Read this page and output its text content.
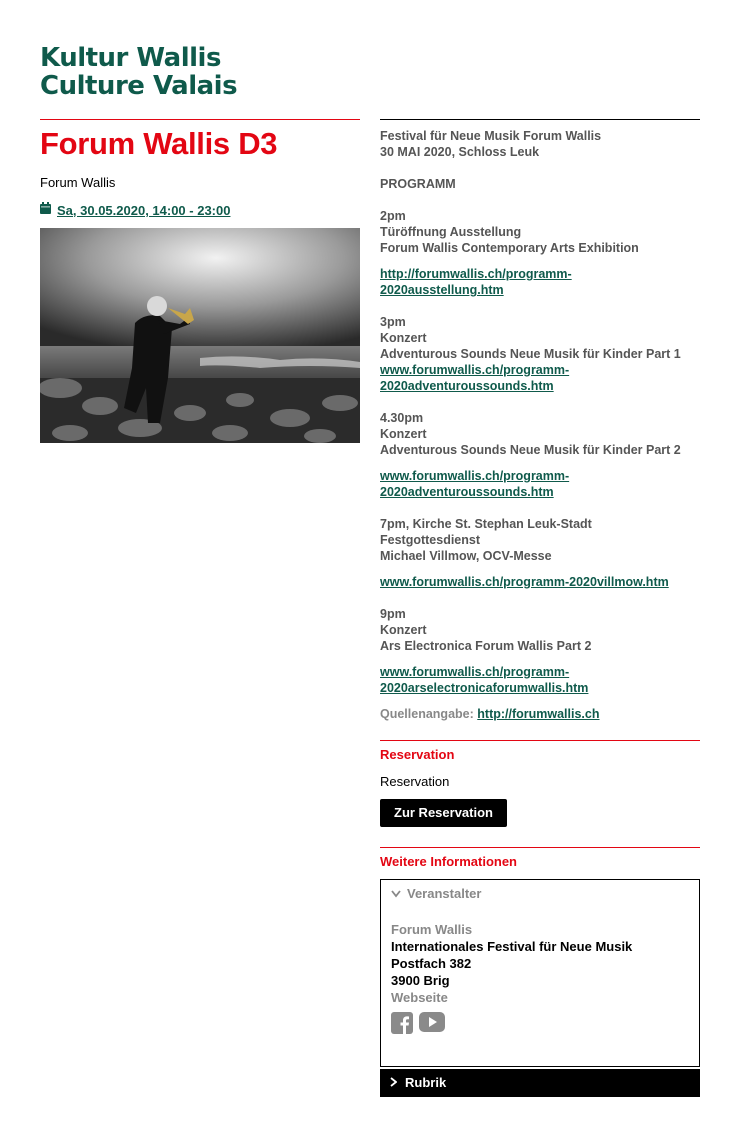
Kultur Wallis
Culture Valais
Forum Wallis D3
Forum Wallis
Sa, 30.05.2020, 14:00 - 23:00
Festival für Neue Musik Forum Wallis
30 MAI 2020, Schloss Leuk
PROGRAMM
2pm
Türöffnung Ausstellung
Forum Wallis Contemporary Arts Exhibition
http://forumwallis.ch/programm-
2020ausstellung.htm
3pm
Konzert
Adventurous Sounds Neue Musik für Kinder Part 1
www.forumwallis.ch/programm-
2020adventuroussounds.htm
4.30pm
Konzert
Adventurous Sounds Neue Musik für Kinder Part 2
www.forumwallis.ch/programm-
2020adventuroussounds.htm
7pm, Kirche St. Stephan Leuk-Stadt
Festgottesdienst
Michael Villmow, OCV-Messe
www.forumwallis.ch/programm-2020villmow.htm
9pm
Konzert
Ars Electronica Forum Wallis Part 2
www.forumwallis.ch/programm-
2020arselectronicaforumwallis.htm
Quellenangabe: http://forumwallis.ch
Reservation
Reservation
Zur Reservation
Weitere Informationen
Veranstalter
Forum Wallis
Internationales Festival für Neue Musik
Postfach 382
3900 Brig
Webseite
Rubrik
